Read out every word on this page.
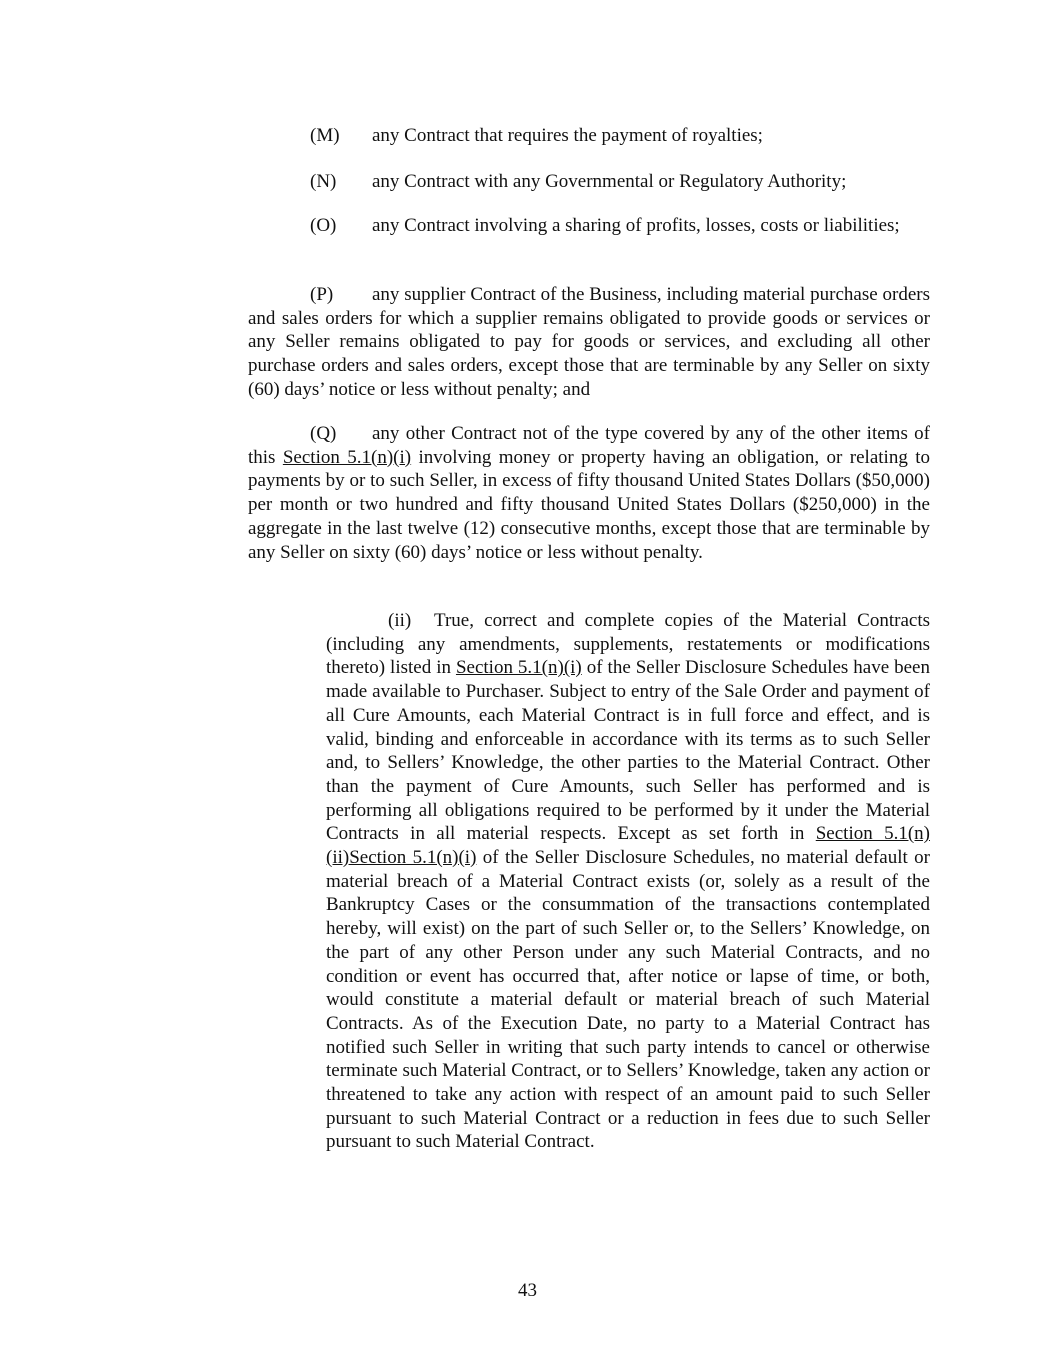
(M) any Contract that requires the payment of royalties;

(N) any Contract with any Governmental or Regulatory Authority;

(O) any Contract involving a sharing of profits, losses, costs or liabilities;

(P) any supplier Contract of the Business, including material purchase orders and sales orders for which a supplier remains obligated to provide goods or services or any Seller remains obligated to pay for goods or services, and excluding all other purchase orders and sales orders, except those that are terminable by any Seller on sixty (60) days’ notice or less without penalty; and

(Q) any other Contract not of the type covered by any of the other items of this Section 5.1(n)(i) involving money or property having an obligation, or relating to payments by or to such Seller, in excess of fifty thousand United States Dollars ($50,000) per month or two hundred and fifty thousand United States Dollars ($250,000) in the aggregate in the last twelve (12) consecutive months, except those that are terminable by any Seller on sixty (60) days’ notice or less without penalty.

(ii) True, correct and complete copies of the Material Contracts (including any amendments, supplements, restatements or modifications thereto) listed in Section 5.1(n)(i) of the Seller Disclosure Schedules have been made available to Purchaser. Subject to entry of the Sale Order and payment of all Cure Amounts, each Material Contract is in full force and effect, and is valid, binding and enforceable in accordance with its terms as to such Seller and, to Sellers’ Knowledge, the other parties to the Material Contract. Other than the payment of Cure Amounts, such Seller has performed and is performing all obligations required to be performed by it under the Material Contracts in all material respects. Except as set forth in Section 5.1(n)(ii)Section 5.1(n)(i) of the Seller Disclosure Schedules, no material default or material breach of a Material Contract exists (or, solely as a result of the Bankruptcy Cases or the consummation of the transactions contemplated hereby, will exist) on the part of such Seller or, to the Sellers’ Knowledge, on the part of any other Person under any such Material Contracts, and no condition or event has occurred that, after notice or lapse of time, or both, would constitute a material default or material breach of such Material Contracts. As of the Execution Date, no party to a Material Contract has notified such Seller in writing that such party intends to cancel or otherwise terminate such Material Contract, or to Sellers’ Knowledge, taken any action or threatened to take any action with respect of an amount paid to such Seller pursuant to such Material Contract or a reduction in fees due to such Seller pursuant to such Material Contract.

43
